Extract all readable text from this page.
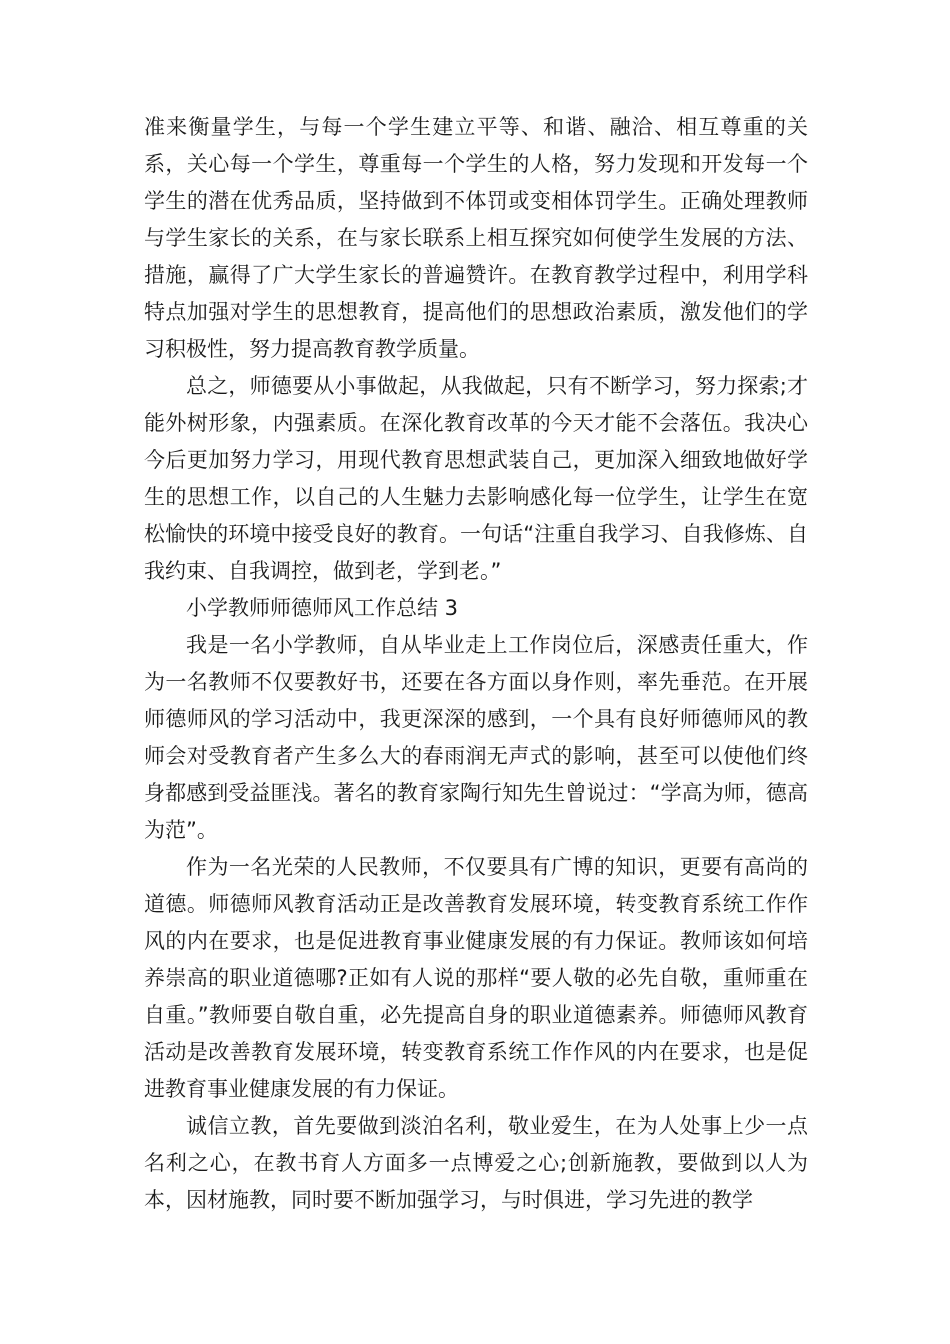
准来衡量学生，与每一个学生建立平等、和谐、融洽、相互尊重的关系，关心每一个学生，尊重每一个学生的人格，努力发现和开发每一个学生的潜在优秀品质，坚持做到不体罚或变相体罚学生。正确处理教师与学生家长的关系，在与家长联系上相互探究如何使学生发展的方法、措施，赢得了广大学生家长的普遍赞许。在教育教学过程中，利用学科特点加强对学生的思想教育，提高他们的思想政治素质，激发他们的学习积极性，努力提高教育教学质量。

总之，师德要从小事做起，从我做起，只有不断学习，努力探索;才能外树形象，内强素质。在深化教育改革的今天才能不会落伍。我决心今后更加努力学习，用现代教育思想武装自己，更加深入细致地做好学生的思想工作，以自己的人生魅力去影响感化每一位学生，让学生在宽松愉快的环境中接受良好的教育。一句话“注重自我学习、自我修炼、自我约束、自我调控，做到老，学到老。”

小学教师师德师风工作总结 3

我是一名小学教师，自从毕业走上工作岗位后，深感责任重大，作为一名教师不仅要教好书，还要在各方面以身作则，率先垂范。在开展师德师风的学习活动中，我更深深的感到，一个具有良好师德师风的教师会对受教育者产生多么大的春雨润无声式的影响，甚至可以使他们终身都感到受益匪浅。著名的教育家陶行知先生曾说过：“学高为师，德高为范”。

作为一名光荣的人民教师，不仅要具有广博的知识，更要有高尚的道德。师德师风教育活动正是改善教育发展环境，转变教育系统工作作风的内在要求，也是促进教育事业健康发展的有力保证。教师该如何培养崇高的职业道德哪?正如有人说的那样“要人敬的必先自敬，重师重在自重。”教师要自敬自重，必先提高自身的职业道德素养。师德师风教育活动是改善教育发展环境，转变教育系统工作作风的内在要求，也是促进教育事业健康发展的有力保证。

诚信立教，首先要做到淡泊名利，敬业爱生，在为人处事上少一点名利之心，在教书育人方面多一点博爱之心;创新施教，要做到以人为本，因材施教，同时要不断加强学习，与时俱进，学习先进的教学
